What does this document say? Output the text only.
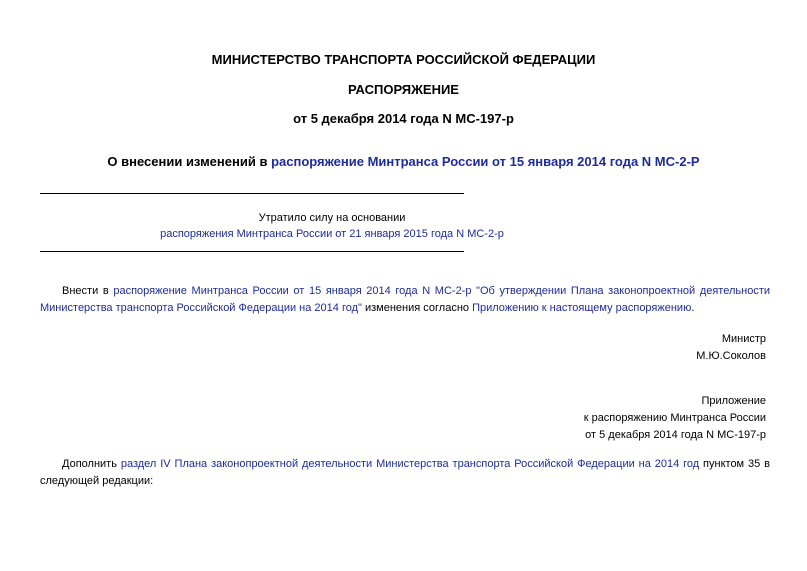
МИНИСТЕРСТВО ТРАНСПОРТА РОССИЙСКОЙ ФЕДЕРАЦИИ
РАСПОРЯЖЕНИЕ
от 5 декабря 2014 года N МС-197-р
О внесении изменений в распоряжение Минтранса России от 15 января 2014 года N МС-2-Р
Утратило силу на основании
распоряжения Минтранса России от 21 января 2015 года N МС-2-р
Внести в распоряжение Минтранса России от 15 января 2014 года N МС-2-р "Об утверждении Плана законопроектной деятельности Министерства транспорта Российской Федерации на 2014 год" изменения согласно Приложению к настоящему распоряжению.
Министр
М.Ю.Соколов
Приложение
к распоряжению Минтранса России
от 5 декабря 2014 года N МС-197-р
Дополнить раздел IV Плана законопроектной деятельности Министерства транспорта Российской Федерации на 2014 год пунктом 35 в следующей редакции:
